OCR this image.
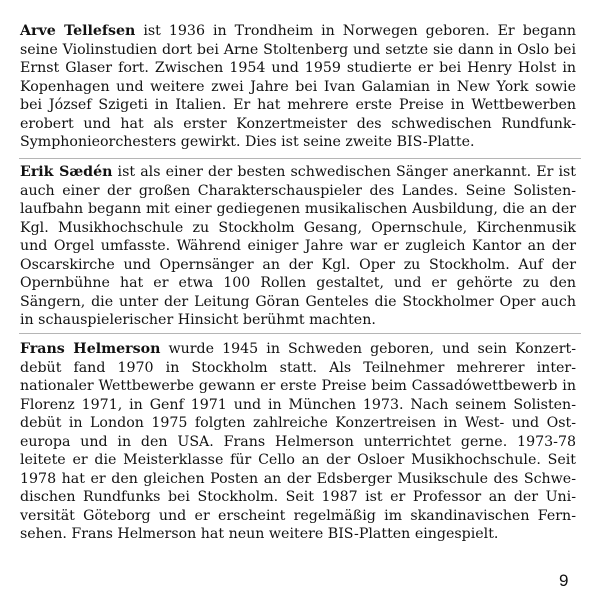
Arve Tellefsen ist 1936 in Trondheim in Norwegen geboren. Er begann
seine Violinstudien dort bei Arne Stoltenberg und setzte sie dann in Oslo bei
Ernst Glaser fort. Zwischen 1954 und 1959 studierte er bei Henry Holst in
Kopenhagen und weitere zwei Jahre bei Ivan Galamian in New York sowie
bei József Szigeti in Italien. Er hat mehrere erste Preise in Wettbewerben
erobert und hat als erster Konzertmeister des schwedischen Rundfunk-
Symphonieorchesters gewirkt. Dies ist seine zweite BIS-Platte.

Erik Sædén ist als einer der besten schwedischen Sänger anerkannt. Er ist
auch einer der großen Charakterschauspieler des Landes. Seine Solisten-
laufbahn begann mit einer gediegenen musikalischen Ausbildung, die an der
Kgl. Musikhochschule zu Stockholm Gesang, Opernschule, Kirchenmusik
und Orgel umfasste. Während einiger Jahre war er zugleich Kantor an der
Oscarskirche und Opernsänger an der Kgl. Oper zu Stockholm. Auf der
Opernbühne hat er etwa 100 Rollen gestaltet, und er gehörte zu den
Sängern, die unter der Leitung Göran Genteles die Stockholmer Oper auch
in schauspielerischer Hinsicht berühmt machten.

Frans Helmerson wurde 1945 in Schweden geboren, und sein Konzert-
debüt fand 1970 in Stockholm statt. Als Teilnehmer mehrerer inter-
nationaler Wettbewerbe gewann er erste Preise beim Cassadówettbewerb in
Florenz 1971, in Genf 1971 und in München 1973. Nach seinem Solisten-
debüt in London 1975 folgten zahlreiche Konzertreisen in West- und Ost-
europa und in den USA. Frans Helmerson unterrichtet gerne. 1973-78
leitete er die Meisterklasse für Cello an der Osloer Musikhochschule. Seit
1978 hat er den gleichen Posten an der Edsberger Musikschule des Schwe-
dischen Rundfunks bei Stockholm. Seit 1987 ist er Professor an der Uni-
versität Göteborg und er erscheint regelmäßig im skandinavischen Fern-
sehen. Frans Helmerson hat neun weitere BIS-Platten eingespielt.

9
